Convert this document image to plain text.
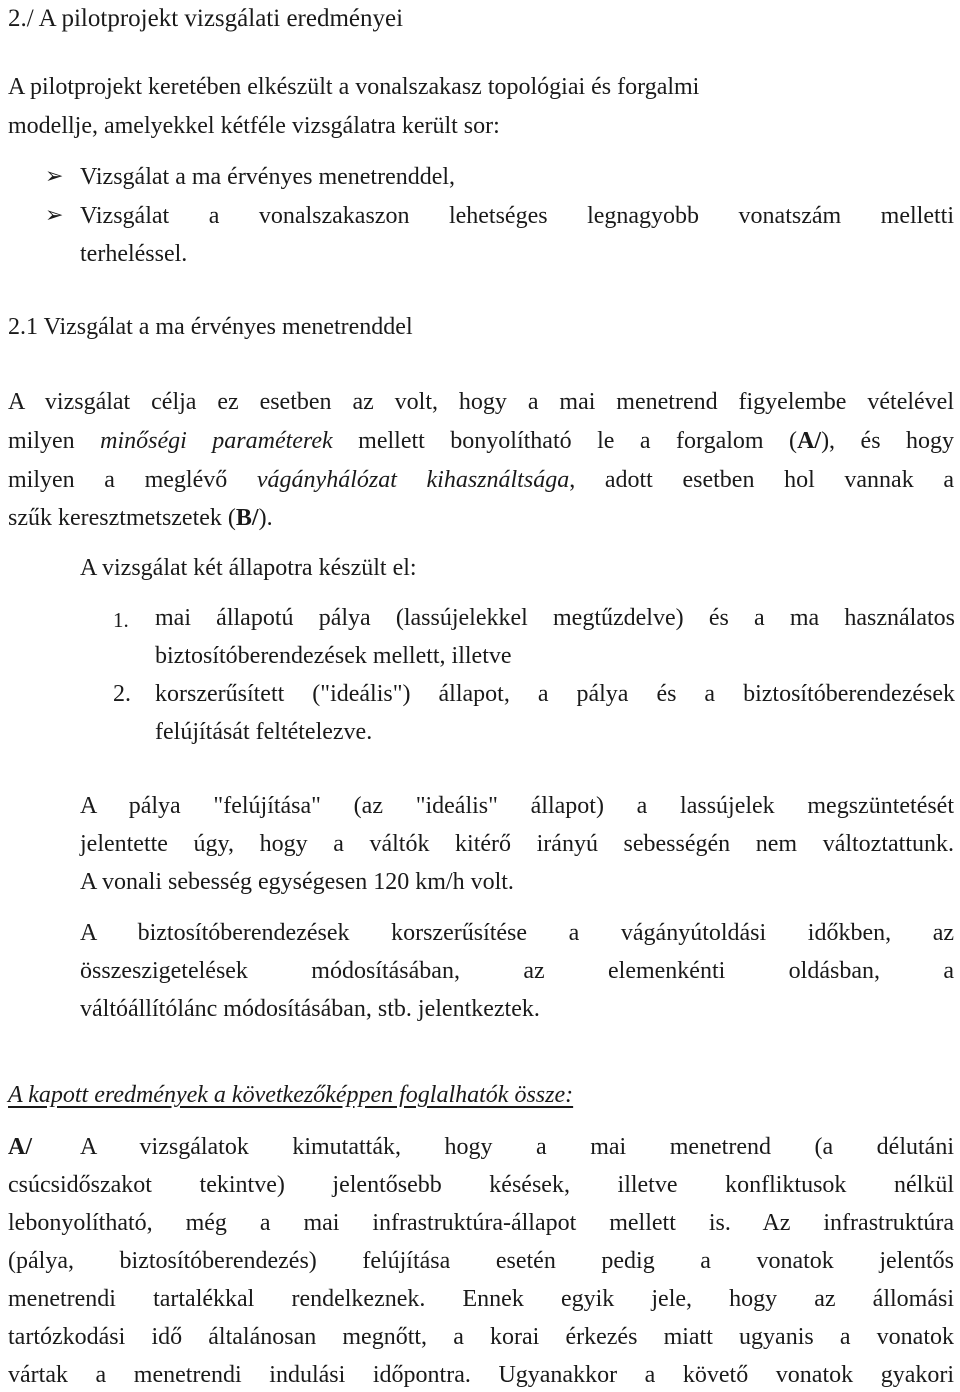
2./ A pilotprojekt vizsgálati eredményei
A pilotprojekt keretében elkészült a vonalszakasz topológiai és forgalmi
modellje, amelyekkel kétféle vizsgálatra került sor:
➢ Vizsgálat a ma érvényes menetrenddel,
➢ Vizsgálat a vonalszakaszon lehetséges legnagyobb vonatszám melletti
terheléssel.
2.1 Vizsgálat a ma érvényes menetrenddel
A vizsgálat célja ez esetben az volt, hogy a mai menetrend figyelembe vételével
milyen minőségi paraméterek mellett bonyolítható le a forgalom (A/), és hogy
milyen a meglévő vágányhálózat kihasználtsága, adott esetben hol vannak a
szűk keresztmetszetek (B/).
A vizsgálat két állapotra készült el:
1. mai állapotú pálya (lassújelekkel megtűzdelve) és a ma használatos
biztosítóberendezések mellett, illetve
2. korszerűsített ("ideális") állapot, a pálya és a biztosítóberendezések
felújítását feltételezve.
A pálya "felújítása" (az "ideális" állapot) a lassújelek megszüntetését
jelentette úgy, hogy a váltók kitérő irányú sebességén nem változtattunk.
A vonali sebesség egységesen 120 km/h volt.
A biztosítóberendezések korszerűsítése a vágányútoldási időkben, az
összeszigetelések módosításában, az elemenkénti oldásban, a
váltóállítólánc módosításában, stb. jelentkeztek.
A kapott eredmények a következőképpen foglalhatók össze:
A/ A vizsgálatok kimutatták, hogy a mai menetrend (a délutáni
csúcsidőszakot tekintve) jelentősebb késések, illetve konfliktusok nélkül
lebonyolítható, még a mai infrastruktúra-állapot mellett is. Az infrastruktúra
(pálya, biztosítóberendezés) felújítása esetén pedig a vonatok jelentős
menetrendi tartalékkal rendelkeznek. Ennek egyik jele, hogy az állomási
tartózkodási idő általánosan megnőtt, a korai érkezés miatt ugyanis a vonatok
vártak a menetrendi indulási időpontra. Ugyanakkor a követő vonatok gyakori
